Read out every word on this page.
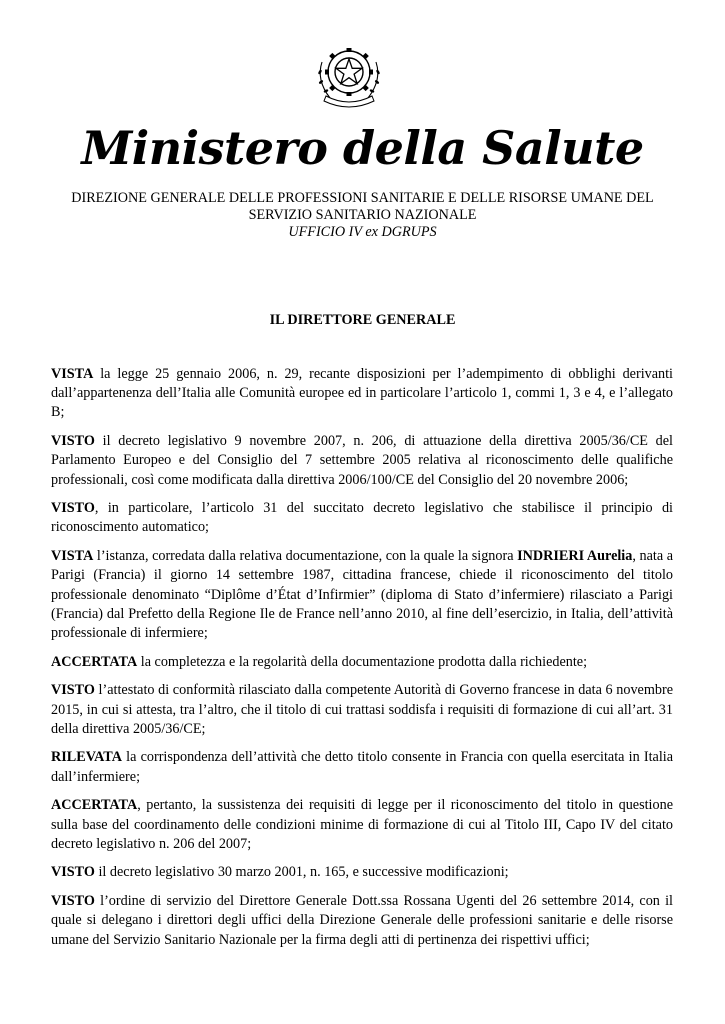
Ministero della Salute
DIREZIONE GENERALE DELLE PROFESSIONI SANITARIE E DELLE RISORSE UMANE DEL SERVIZIO SANITARIO NAZIONALE
UFFICIO IV ex DGRUPS
IL DIRETTORE GENERALE

VISTA la legge 25 gennaio 2006, n. 29, recante disposizioni per l’adempimento di obblighi derivanti dall’appartenenza dell’Italia alle Comunità europee ed in particolare l’articolo 1, commi 1, 3 e 4, e l’allegato B;

VISTO il decreto legislativo 9 novembre 2007, n. 206, di attuazione della direttiva 2005/36/CE del Parlamento Europeo e del Consiglio del 7 settembre 2005 relativa al riconoscimento delle qualifiche professionali, così come modificata dalla direttiva 2006/100/CE del Consiglio del 20 novembre 2006;

VISTO, in particolare, l’articolo 31 del succitato decreto legislativo che stabilisce il principio di riconoscimento automatico;

VISTA l’istanza, corredata dalla relativa documentazione, con la quale la signora INDRIERI Aurelia, nata a Parigi (Francia) il giorno 14 settembre 1987, cittadina francese, chiede il riconoscimento del titolo professionale denominato “Diplôme d’État d’Infirmier” (diploma di Stato d’infermiere) rilasciato a Parigi (Francia) dal Prefetto della Regione Ile de France nell’anno 2010, al fine dell’esercizio, in Italia, dell’attività professionale di infermiere;

ACCERTATA la completezza e la regolarità della documentazione prodotta dalla richiedente;

VISTO l’attestato di conformità rilasciato dalla competente Autorità di Governo francese in data 6 novembre 2015, in cui si attesta, tra l’altro, che il titolo di cui trattasi soddisfa i requisiti di formazione di cui all’art. 31 della direttiva 2005/36/CE;

RILEVATA la corrispondenza dell’attività che detto titolo consente in Francia con quella esercitata in Italia dall’infermiere;

ACCERTATA, pertanto, la sussistenza dei requisiti di legge per il riconoscimento del titolo in questione sulla base del coordinamento delle condizioni minime di formazione di cui al Titolo III, Capo IV del citato decreto legislativo n. 206 del 2007;

VISTO il decreto legislativo 30 marzo 2001, n. 165, e successive modificazioni;

VISTO l’ordine di servizio del Direttore Generale Dott.ssa Rossana Ugenti del 26 settembre 2014, con il quale si delegano i direttori degli uffici della Direzione Generale delle professioni sanitarie e delle risorse umane del Servizio Sanitario Nazionale per la firma degli atti di pertinenza dei rispettivi uffici;
